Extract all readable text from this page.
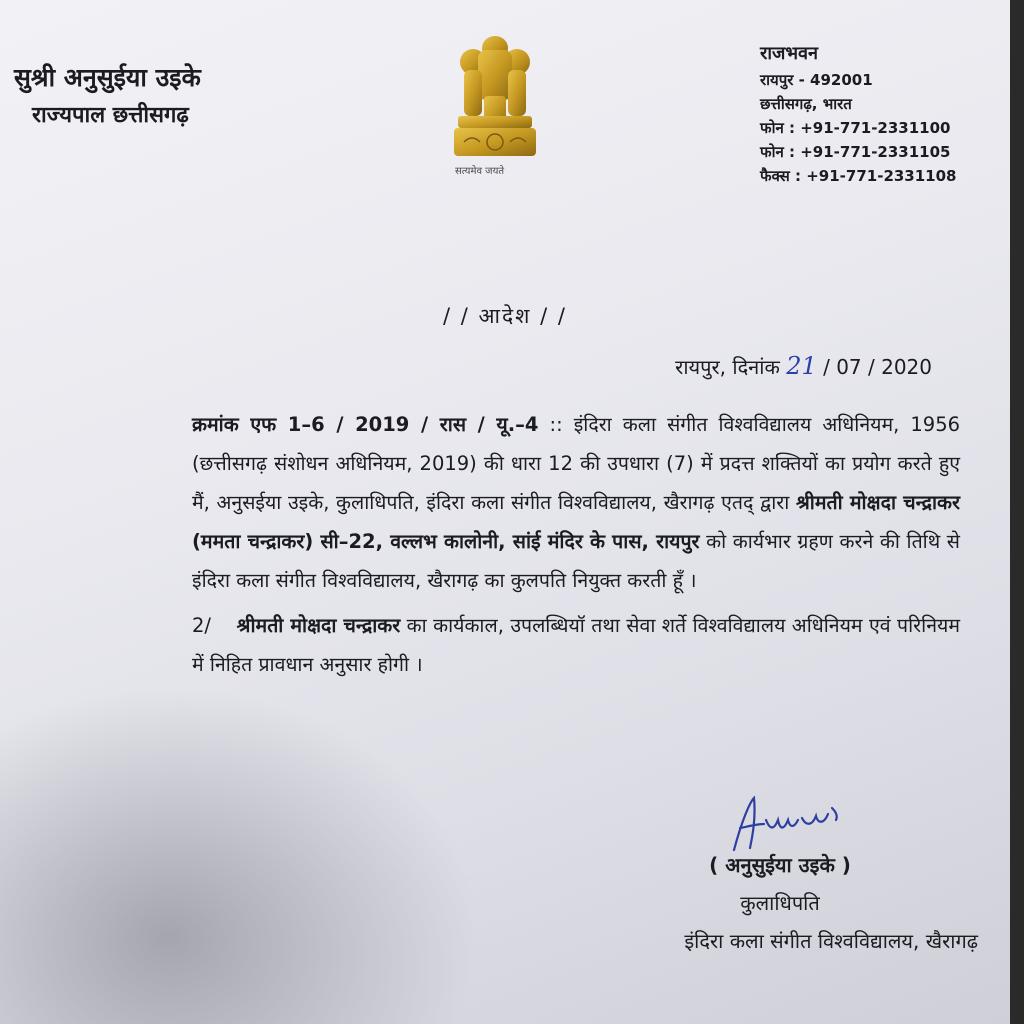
सुश्री अनुसुईया उइके
राज्यपाल छत्तीसगढ़
सत्यमेव जयते
राजभवन
रायपुर - 492001
छत्तीसगढ़, भारत
फोन : +91-771-2331100
फोन : +91-771-2331105
फैक्स : +91-771-2331108
/ / आदेश / /
रायपुर, दिनांक 21 / 07 / 2020

क्रमांक एफ 1–6 / 2019 / रास / यू.–4 :: इंदिरा कला संगीत विश्वविद्यालय अधिनियम, 1956 (छत्तीसगढ़ संशोधन अधिनियम, 2019) की धारा 12 की उपधारा (7) में प्रदत्त शक्तियों का प्रयोग करते हुए मैं, अनुसईया उइके, कुलाधिपति, इंदिरा कला संगीत विश्वविद्यालय, खैरागढ़ एतद् द्वारा श्रीमती मोक्षदा चन्द्राकर (ममता चन्द्राकर) सी–22, वल्लभ कालोनी, सांई मंदिर के पास, रायपुर को कार्यभार ग्रहण करने की तिथि से इंदिरा कला संगीत विश्वविद्यालय, खैरागढ़ का कुलपति नियुक्त करती हूँ ।

2/ श्रीमती मोक्षदा चन्द्राकर का कार्यकाल, उपलब्धियॉ तथा सेवा शर्ते विश्वविद्यालय अधिनियम एवं परिनियम में निहित प्रावधान अनुसार होगी ।

( अनुसुईया उइके )
कुलाधिपति
इंदिरा कला संगीत विश्वविद्यालय, खैरागढ़
